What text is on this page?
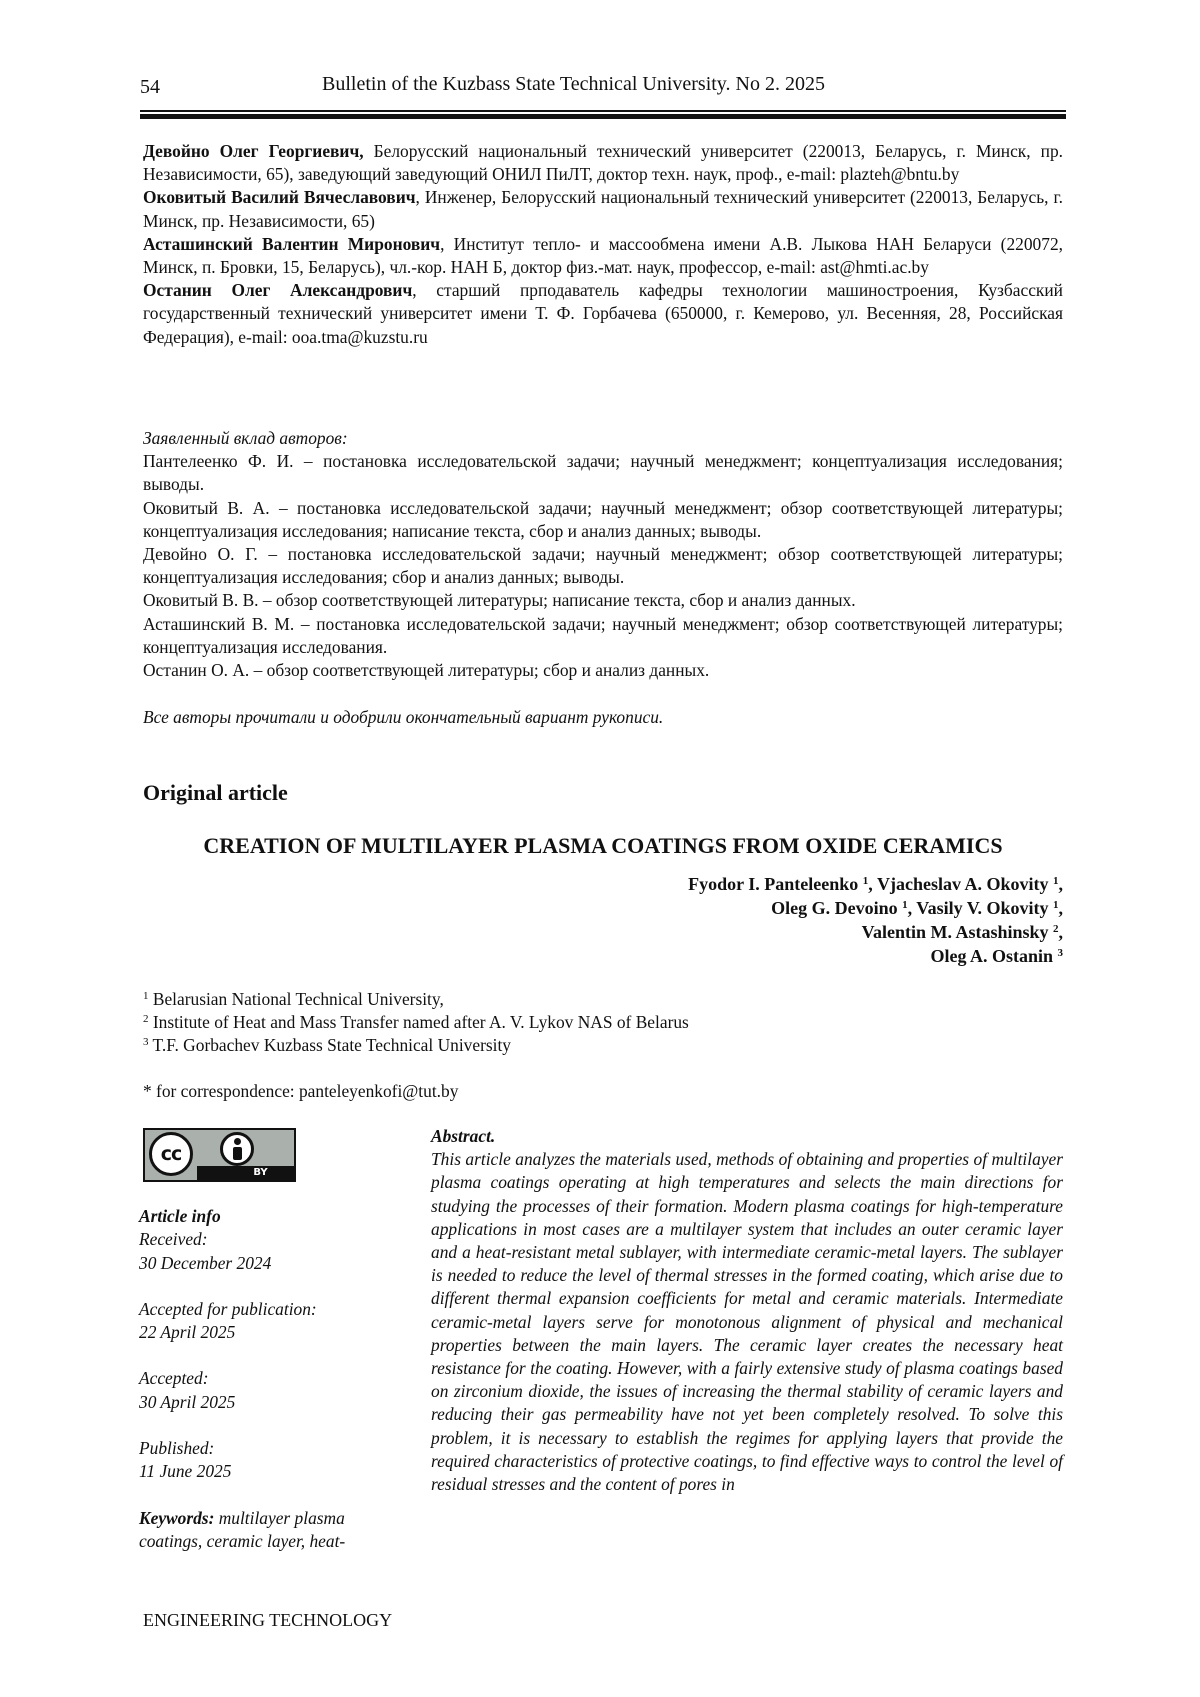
54	Bulletin of the Kuzbass State Technical University. No 2. 2025

Девойно Олег Георгиевич, Белорусский национальный технический университет (220013, Беларусь, г. Минск, пр. Независимости, 65), заведующий заведующий ОНИЛ ПиЛТ, доктор техн. наук, проф., e-mail: plazteh@bntu.by

Оковитый Василий Вячеславович, Инженер, Белорусский национальный технический университет (220013, Беларусь, г. Минск, пр. Независимости, 65)

Асташинский Валентин Миронович, Институт тепло- и массообмена имени А.В. Лыкова НАН Беларуси (220072, Минск, п. Бровки, 15, Беларусь), чл.-кор. НАН Б, доктор физ.-мат. наук, профессор, e-mail: ast@hmti.ac.by

Останин Олег Александрович, старший прподаватель кафедры технологии машиностроения, Кузбасский государственный технический университет имени Т. Ф. Горбачева (650000, г. Кемерово, ул. Весенняя, 28, Российская Федерация), e-mail: ooa.tma@kuzstu.ru

Заявленный вклад авторов:

Пантелеенко Ф. И. – постановка исследовательской задачи; научный менеджмент; концептуализация исследования; выводы.

Оковитый В. А. – постановка исследовательской задачи; научный менеджмент; обзор соответствующей литературы; концептуализация исследования; написание текста, сбор и анализ данных; выводы.

Девойно О. Г. – постановка исследовательской задачи; научный менеджмент; обзор соответствующей литературы; концептуализация исследования; сбор и анализ данных; выводы.

Оковитый В. В. – обзор соответствующей литературы; написание текста, сбор и анализ данных.

Асташинский В. М. – постановка исследовательской задачи; научный менеджмент; обзор соответствующей литературы; концептуализация исследования.

Останин О. А. – обзор соответствующей литературы; сбор и анализ данных.

Все авторы прочитали и одобрили окончательный вариант рукописи.
Original article
CREATION OF MULTILAYER PLASMA COATINGS FROM OXIDE CERAMICS
Fyodor I. Panteleenko $^1$, Vjacheslav A. Okovity $^1$,
Oleg G. Devoino $^1$, Vasily V. Okovity $^1$,
Valentin M. Astashinsky $^2$,
Oleg A. Ostanin $^3$
$^1$ Belarusian National Technical University,
$^2$ Institute of Heat and Mass Transfer named after A. V. Lykov NAS of Belarus
$^3$ T.F. Gorbachev Kuzbass State Technical University
* for correspondence: panteleyenkofi@tut.by
cc
BY
Article info
Received:
30 December 2024
Accepted for publication:
22 April 2025
Accepted:
30 April 2025
Published:
11 June 2025
Keywords: multilayer plasma coatings, ceramic layer, heat-
Abstract.
This article analyzes the materials used, methods of obtaining and properties of multilayer plasma coatings operating at high temperatures and selects the main directions for studying the processes of their formation. Modern plasma coatings for high-temperature applications in most cases are a multilayer system that includes an outer ceramic layer and a heat-resistant metal sublayer, with intermediate ceramic-metal layers. The sublayer is needed to reduce the level of thermal stresses in the formed coating, which arise due to different thermal expansion coefficients for metal and ceramic materials. Intermediate ceramic-metal layers serve for monotonous alignment of physical and mechanical properties between the main layers. The ceramic layer creates the necessary heat resistance for the coating. However, with a fairly extensive study of plasma coatings based on zirconium dioxide, the issues of increasing the thermal stability of ceramic layers and reducing their gas permeability have not yet been completely resolved. To solve this problem, it is necessary to establish the regimes for applying layers that provide the required characteristics of protective coatings, to find effective ways to control the level of residual stresses and the content of pores in
ENGINEERING TECHNOLOGY
